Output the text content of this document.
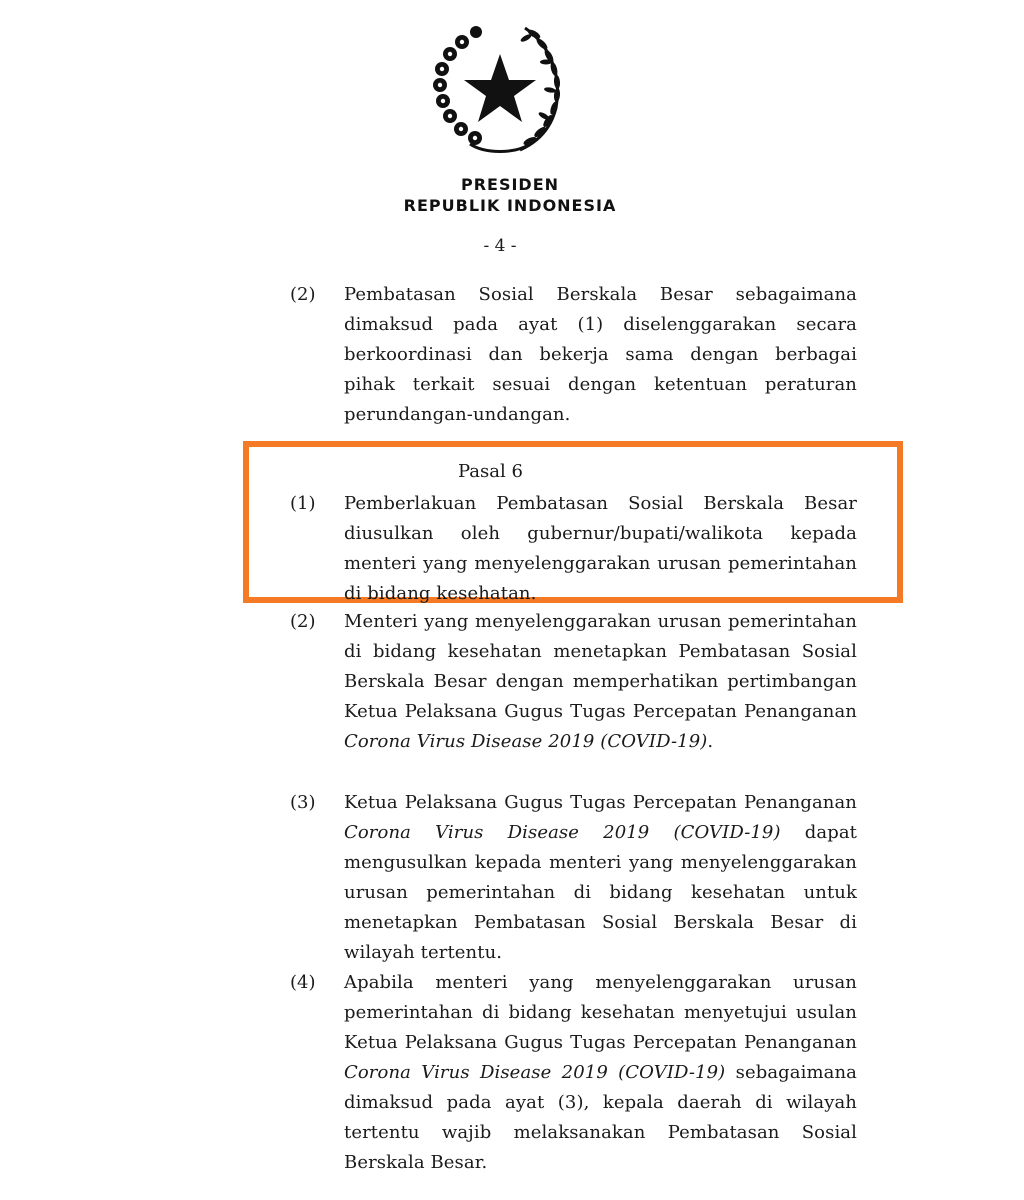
PRESIDEN
REPUBLIK INDONESIA
- 4 -
(2)	Pembatasan Sosial Berskala Besar sebagaimana dimaksud pada ayat (1) diselenggarakan secara berkoordinasi dan bekerja sama dengan berbagai pihak terkait sesuai dengan ketentuan peraturan perundangan-undangan.
Pasal 6
(1)	Pemberlakuan Pembatasan Sosial Berskala Besar diusulkan oleh gubernur/bupati/walikota kepada menteri yang menyelenggarakan urusan pemerintahan di bidang kesehatan.
(2)	Menteri yang menyelenggarakan urusan pemerintahan di bidang kesehatan menetapkan Pembatasan Sosial Berskala Besar dengan memperhatikan pertimbangan Ketua Pelaksana Gugus Tugas Percepatan Penanganan Corona Virus Disease 2019 (COVID-19).
(3)	Ketua Pelaksana Gugus Tugas Percepatan Penanganan Corona Virus Disease 2019 (COVID-19) dapat mengusulkan kepada menteri yang menyelenggarakan urusan pemerintahan di bidang kesehatan untuk menetapkan Pembatasan Sosial Berskala Besar di wilayah tertentu.
(4)	Apabila menteri yang menyelenggarakan urusan pemerintahan di bidang kesehatan menyetujui usulan Ketua Pelaksana Gugus Tugas Percepatan Penanganan Corona Virus Disease 2019 (COVID-19) sebagaimana dimaksud pada ayat (3), kepala daerah di wilayah tertentu wajib melaksanakan Pembatasan Sosial Berskala Besar.
